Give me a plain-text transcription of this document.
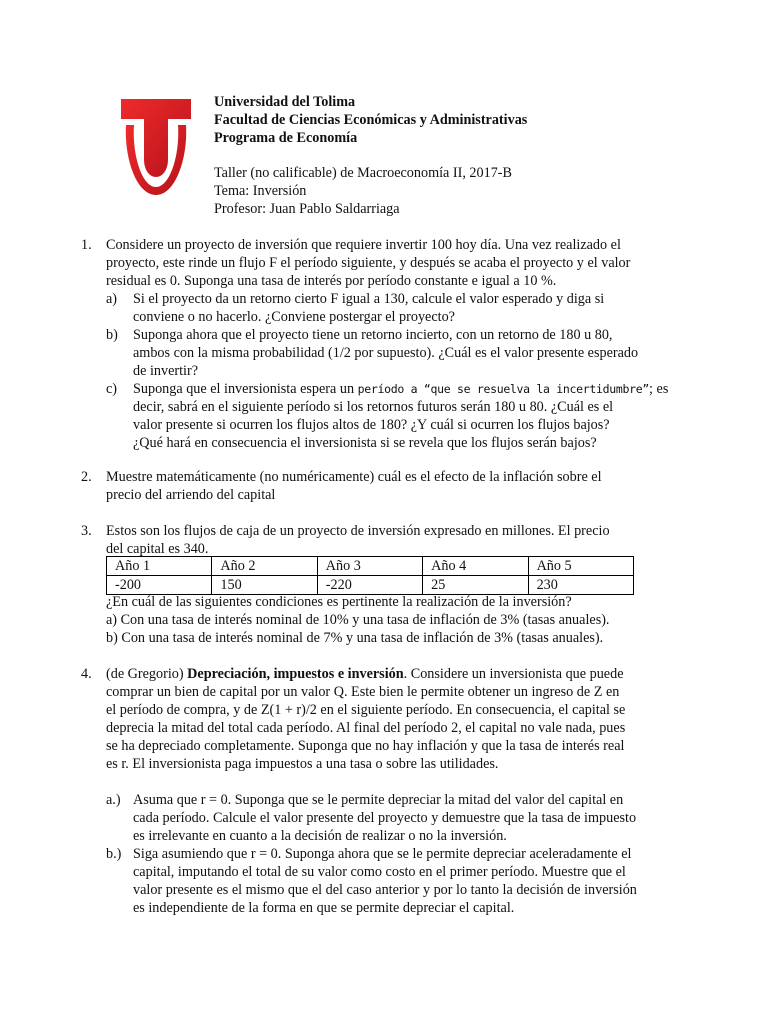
Universidad del Tolima
Facultad de Ciencias Económicas y Administrativas
Programa de Economía
Taller (no calificable) de Macroeconomía II, 2017-B
Tema: Inversión
Profesor: Juan Pablo Saldarriaga
1. Considere un proyecto de inversión que requiere invertir 100 hoy día. Una vez realizado el
proyecto, este rinde un flujo F el período siguiente, y después se acaba el proyecto y el valor
residual es 0. Suponga una tasa de interés por período constante e igual a 10 %.
a) Si el proyecto da un retorno cierto F igual a 130, calcule el valor esperado y diga si
conviene o no hacerlo. ¿Conviene postergar el proyecto?
b) Suponga ahora que el proyecto tiene un retorno incierto, con un retorno de 180 u 80,
ambos con la misma probabilidad (1/2 por supuesto). ¿Cuál es el valor presente esperado
de invertir?
c) Suponga que el inversionista espera un período a “que se resuelva la incertidumbre”; es
decir, sabrá en el siguiente período si los retornos futuros serán 180 u 80. ¿Cuál es el
valor presente si ocurren los flujos altos de 180? ¿Y cuál si ocurren los flujos bajos?
¿Qué hará en consecuencia el inversionista si se revela que los flujos serán bajos?
2. Muestre matemáticamente (no numéricamente) cuál es el efecto de la inflación sobre el
precio del arriendo del capital
3. Estos son los flujos de caja de un proyecto de inversión expresado en millones. El precio
del capital es 340.
Año 1	Año 2	Año 3	Año 4	Año 5
-200	150	-220	25	230
¿En cuál de las siguientes condiciones es pertinente la realización de la inversión?
a) Con una tasa de interés nominal de 10% y una tasa de inflación de 3% (tasas anuales).
b) Con una tasa de interés nominal de 7% y una tasa de inflación de 3% (tasas anuales).
4. (de Gregorio) Depreciación, impuestos e inversión. Considere un inversionista que puede
comprar un bien de capital por un valor Q. Este bien le permite obtener un ingreso de Z en
el período de compra, y de Z(1 + r)/2 en el siguiente período. En consecuencia, el capital se
deprecia la mitad del total cada período. Al final del período 2, el capital no vale nada, pues
se ha depreciado completamente. Suponga que no hay inflación y que la tasa de interés real
es r. El inversionista paga impuestos a una tasa o sobre las utilidades.
a.) Asuma que r = 0. Suponga que se le permite depreciar la mitad del valor del capital en
cada período. Calcule el valor presente del proyecto y demuestre que la tasa de impuesto
es irrelevante en cuanto a la decisión de realizar o no la inversión.
b.) Siga asumiendo que r = 0. Suponga ahora que se le permite depreciar aceleradamente el
capital, imputando el total de su valor como costo en el primer período. Muestre que el
valor presente es el mismo que el del caso anterior y por lo tanto la decisión de inversión
es independiente de la forma en que se permite depreciar el capital.
